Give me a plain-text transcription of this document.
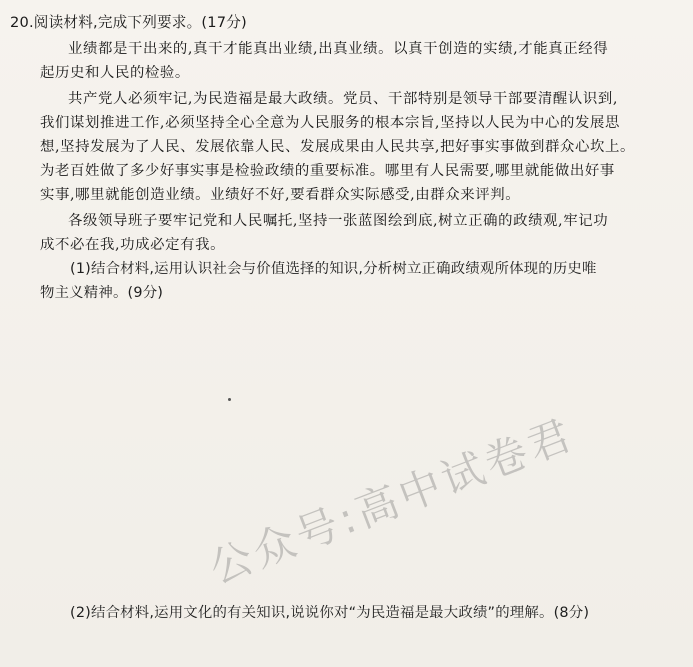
20.阅读材料,完成下列要求。(17分)
业绩都是干出来的,真干才能真出业绩,出真业绩。以真干创造的实绩,才能真正经得
起历史和人民的检验。
共产党人必须牢记,为民造福是最大政绩。党员、干部特别是领导干部要清醒认识到,
我们谋划推进工作,必须坚持全心全意为人民服务的根本宗旨,坚持以人民为中心的发展思
想,坚持发展为了人民、发展依靠人民、发展成果由人民共享,把好事实事做到群众心坎上。
为老百姓做了多少好事实事是检验政绩的重要标准。哪里有人民需要,哪里就能做出好事
实事,哪里就能创造业绩。业绩好不好,要看群众实际感受,由群众来评判。
各级领导班子要牢记党和人民嘱托,坚持一张蓝图绘到底,树立正确的政绩观,牢记功
成不必在我,功成必定有我。
(1)结合材料,运用认识社会与价值选择的知识,分析树立正确政绩观所体现的历史唯
物主义精神。(9分)
公众号:高中试卷君
(2)结合材料,运用文化的有关知识,说说你对“为民造福是最大政绩”的理解。(8分)
